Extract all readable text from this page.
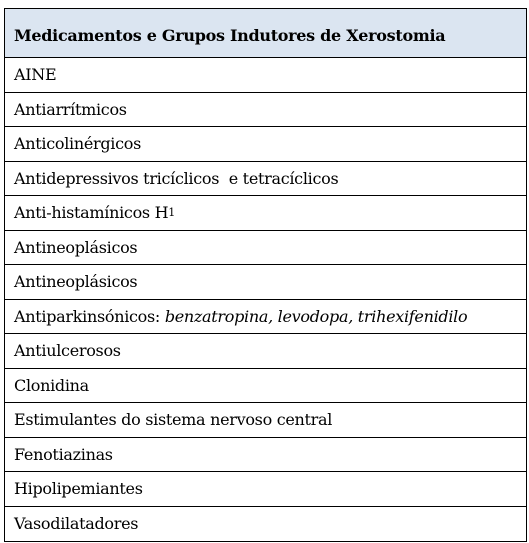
Medicamentos e Grupos Indutores de Xerostomia
AINE
Antiarrítmicos
Anticolinérgicos
Antidepressivos tricíclicos  e tetracíclicos
Anti-histamínicos H 1
Antineoplásicos
Antineoplásicos
Antiparkinsónicos: benzatropina, levodopa, trihexifenidilo
Antiulcerosos
Clonidina
Estimulantes do sistema nervoso central
Fenotiazinas
Hipolipemiantes
Vasodilatadores
